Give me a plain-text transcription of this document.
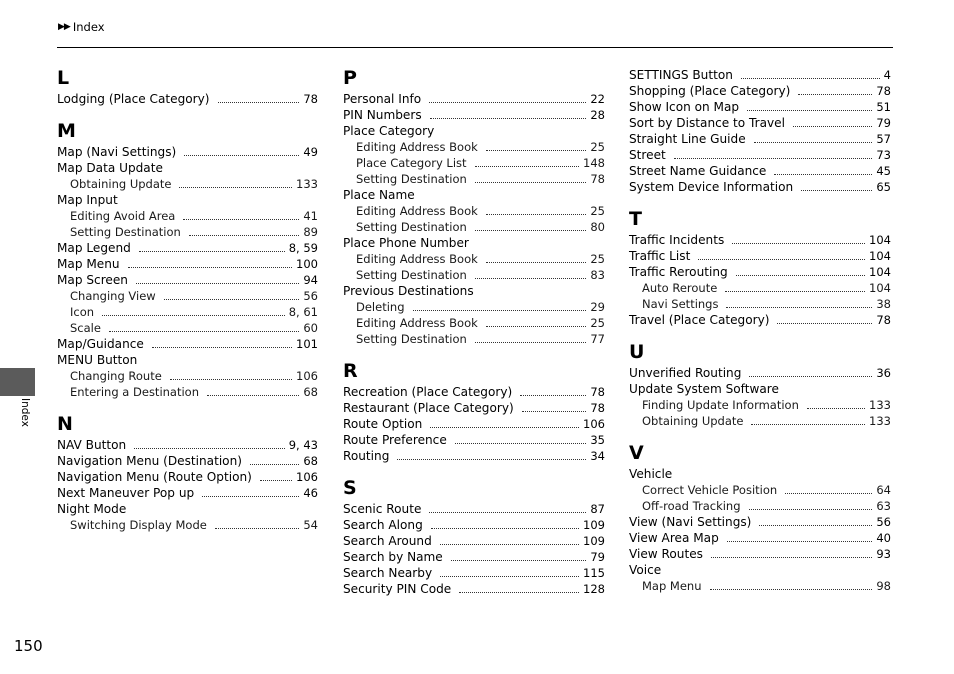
▶▶ Index
Index
L
Lodging (Place Category)	78
M
Map (Navi Settings)	49
Map Data Update
Obtaining Update	133
Map Input
Editing Avoid Area	41
Setting Destination	89
Map Legend	8, 59
Map Menu	100
Map Screen	94
Changing View	56
Icon	8, 61
Scale	60
Map/Guidance	101
MENU Button
Changing Route	106
Entering a Destination	68
N
NAV Button	9, 43
Navigation Menu (Destination)	68
Navigation Menu (Route Option)	106
Next Maneuver Pop up	46
Night Mode
Switching Display Mode	54
P
Personal Info	22
PIN Numbers	28
Place Category
Editing Address Book	25
Place Category List	148
Setting Destination	78
Place Name
Editing Address Book	25
Setting Destination	80
Place Phone Number
Editing Address Book	25
Setting Destination	83
Previous Destinations
Deleting	29
Editing Address Book	25
Setting Destination	77
R
Recreation (Place Category)	78
Restaurant (Place Category)	78
Route Option	106
Route Preference	35
Routing	34
S
Scenic Route	87
Search Along	109
Search Around	109
Search by Name	79
Search Nearby	115
Security PIN Code	128
SETTINGS Button	4
Shopping (Place Category)	78
Show Icon on Map	51
Sort by Distance to Travel	79
Straight Line Guide	57
Street	73
Street Name Guidance	45
System Device Information	65
T
Traffic Incidents	104
Traffic List	104
Traffic Rerouting	104
Auto Reroute	104
Navi Settings	38
Travel (Place Category)	78
U
Unverified Routing	36
Update System Software
Finding Update Information	133
Obtaining Update	133
V
Vehicle
Correct Vehicle Position	64
Off-road Tracking	63
View (Navi Settings)	56
View Area Map	40
View Routes	93
Voice
Map Menu	98
150
